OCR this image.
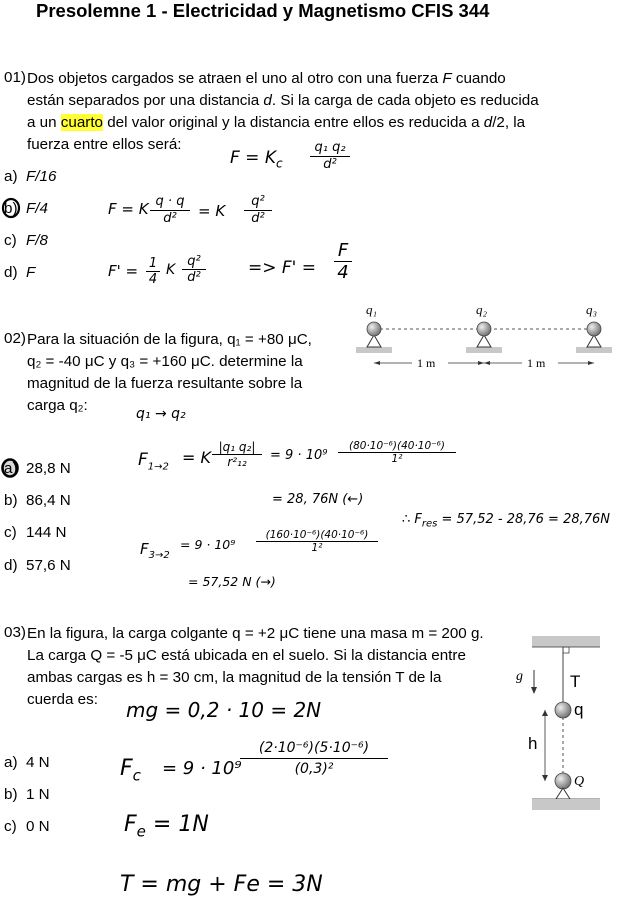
Presolemne 1 - Electricidad y Magnetismo CFIS 344
01) Dos objetos cargados se atraen el uno al otro con una fuerza F cuando
están separados por una distancia d. Si la carga de cada objeto es reducida
a un cuarto del valor original y la distancia entre ellos es reducida a d/2, la
fuerza entre ellos será:
a) F/16
b) F/4
c) F/8
d) F
$F = K_c$
q₁ q₂
d²
F = K q · q
d²	= K
q²
d²
F' = 1
4
K
q²
d²	=> F' =
F
4
02) Para la situación de la figura, q₁ = +80 μC,
q₂ = -40 μC y q₃ = +160 μC. determine la
magnitud de la fuerza resultante sobre la
carga q₂:
q₁	q₂	q₃
1 m	1 m
a) 28,8 N
b) 86,4 N
c) 144 N
d) 57,6 N
q₁ → q₂
$F_{1\to 2} = K$
|q₁ q₂|
r²₁₂	= 9 · 10⁹
(80·10⁻⁶)(40·10⁻⁶)
1²
= 28, 76N (←)
∴ $F_{res} = 57,52 - 28,76 = 28,76N$
$F_{3\to 2}$
= 9 · 10⁹
(160·10⁻⁶)(40·10⁻⁶)
1²
= 57,52 N (→)
03) En la figura, la carga colgante q = +2 μC tiene una masa m = 200 g.
La carga Q = -5 μC está ubicada en el suelo. Si la distancia entre
ambas cargas es h = 30 cm, la magnitud de la tensión T de la
cuerda es:
g	T
q
h
Q
a) 4 N
b) 1 N
c) 0 N
mg = 0,2 · 10 = 2N
$F_c = 9 \cdot 10^9$
(2·10⁻⁶)(5·10⁻⁶)
(0,3)²
$F_e = 1N$
T = mg + Fe = 3N
